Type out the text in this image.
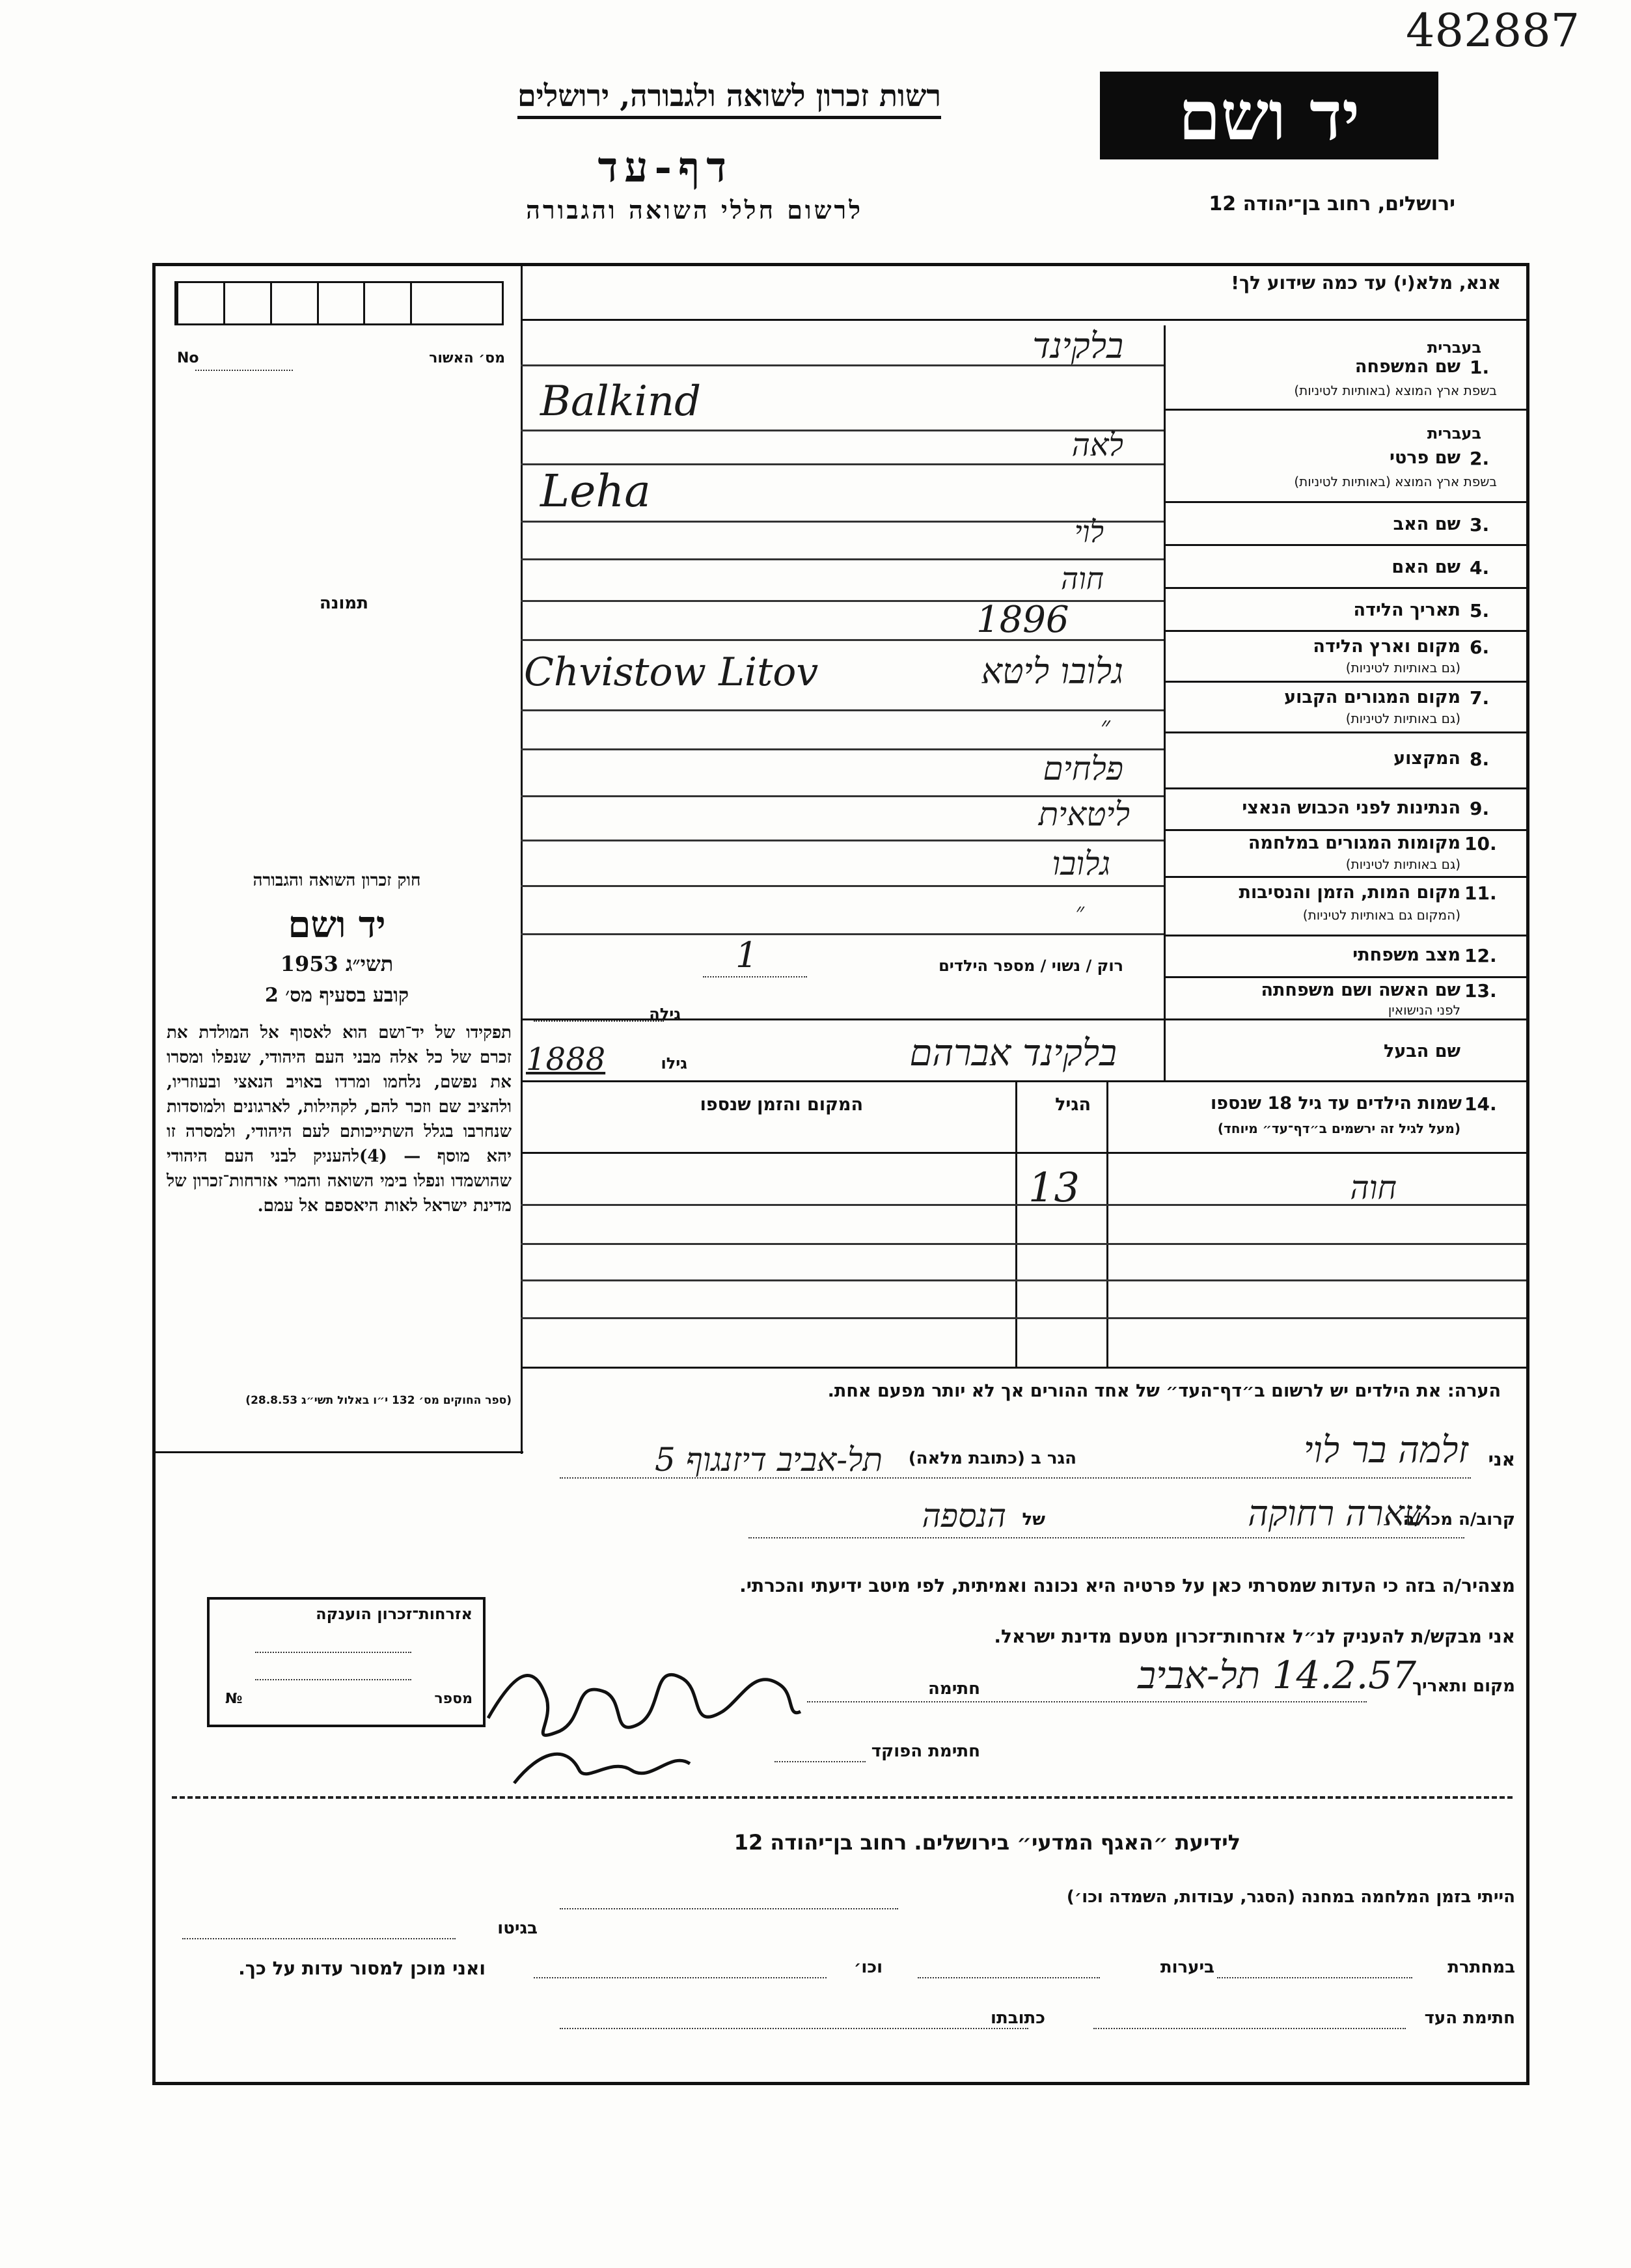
482887
רשות זכרון לשואה ולגבורה, ירושלים
דף-עד
לרשום חללי השואה והגבורה
יד ושם
ירושלים, רחוב בן־יהודה 12
אנא, מלא(י) עד כמה שידוע לך!
מס׳ האשור
No
תמונה
חוק זכרון השואה והגבורה
יד ושם
תשי״ג 1953
קובע בסעיף מס׳ 2
תפקידו של יד־ושם הוא לאסוף אל המולדת את זכרם של כל אלה מבני העם היהודי, שנפלו ומסרו את נפשם, נלחמו ומרדו באויב הנאצי ובעוזריו, ולהציב שם וזכר להם, לקהילות, לארגונים ולמוסדות שנחרבו בגלל השתייכותם לעם היהודי, ולמסרה זו יהא מוסף — (4)להעניק לבני העם היהודי שהושמדו ונפלו בימי השואה והמרי אזרחות־זכרון של מדינת ישראל לאות היאספם אל עמם.
(ספר החוקים מס׳ 132 י״ו באלול תשי״ג 28.8.53)
1.
בעברית
שם המשפחה
בשפת ארץ המוצא (באותיות לטיניות)
בלקינד
Balkind
2.
בעברית
שם פרטי
בשפת ארץ המוצא (באותיות לטיניות)
לאה
Leha
3.
שם האב
לוי
4.
שם האם
חוה
5.
תאריך הלידה
1896
6.
מקום וארץ הלידה
(גם באותיות לטיניות)
גלובו ליטא
Chvistow Litov
7.
מקום המגורים הקבוע
(גם באותיות לטיניות)
״
8.
המקצוע
פלחים
9.
הנתינות לפני הכבוש הנאצי
ליטאית
10.
מקומות המגורים במלחמה
(גם באותיות לטיניות)
גלובו
11.
מקום המות, הזמן והנסיבות
(המקום גם באותיות לטיניות)
״
12.
מצב משפחתי
רוק / נשוי / מספר הילדים
1
13.
שם האשה ושם משפחתה
לפני הנישואין
גילה
שם הבעל
בלקינד אברהם
גילו
1888
14.
שמות הילדים עד גיל 18 שנספו
(מעל לגיל זה ירשמים ב״דף־עד״ מיוחד)
הגיל
המקום והזמן שנספו
חוה
13
הערה: את הילדים יש לרשום ב״דף־העד״ של אחד ההורים אך לא יותר מפעם אחת.
אני
זלמה בר לוי
הגר ב (כתובת מלאה)
תל-אביב דיזנגוף 5
קרוב/ה מכר/ה
שארה רחוקה
של
הנספה
מצהיר/ה בזה כי העדות שמסרתי כאן על פרטיה היא נכונה ואמיתית, לפי מיטב ידיעתי והכרתי.
אני מבקש/ת להעניק לנ״ל אזרחות־זכרון מטעם מדינת ישראל.
מקום ותאריך
14.2.57 תל-אביב
חתימה
חתימת הפוקד
אזרחות־זכרון הוענקה
מספר
№
לידיעת ״האגף המדעי״ בירושלים. רחוב בן־יהודה 12
הייתי בזמן המלחמה במחנה (הסגר, עבודות, השמדה וכו׳)
בגיטו
במחתרת
ביערות
וכו׳
ואני מוכן למסור עדות על כך.
חתימת העד
כתובתו
